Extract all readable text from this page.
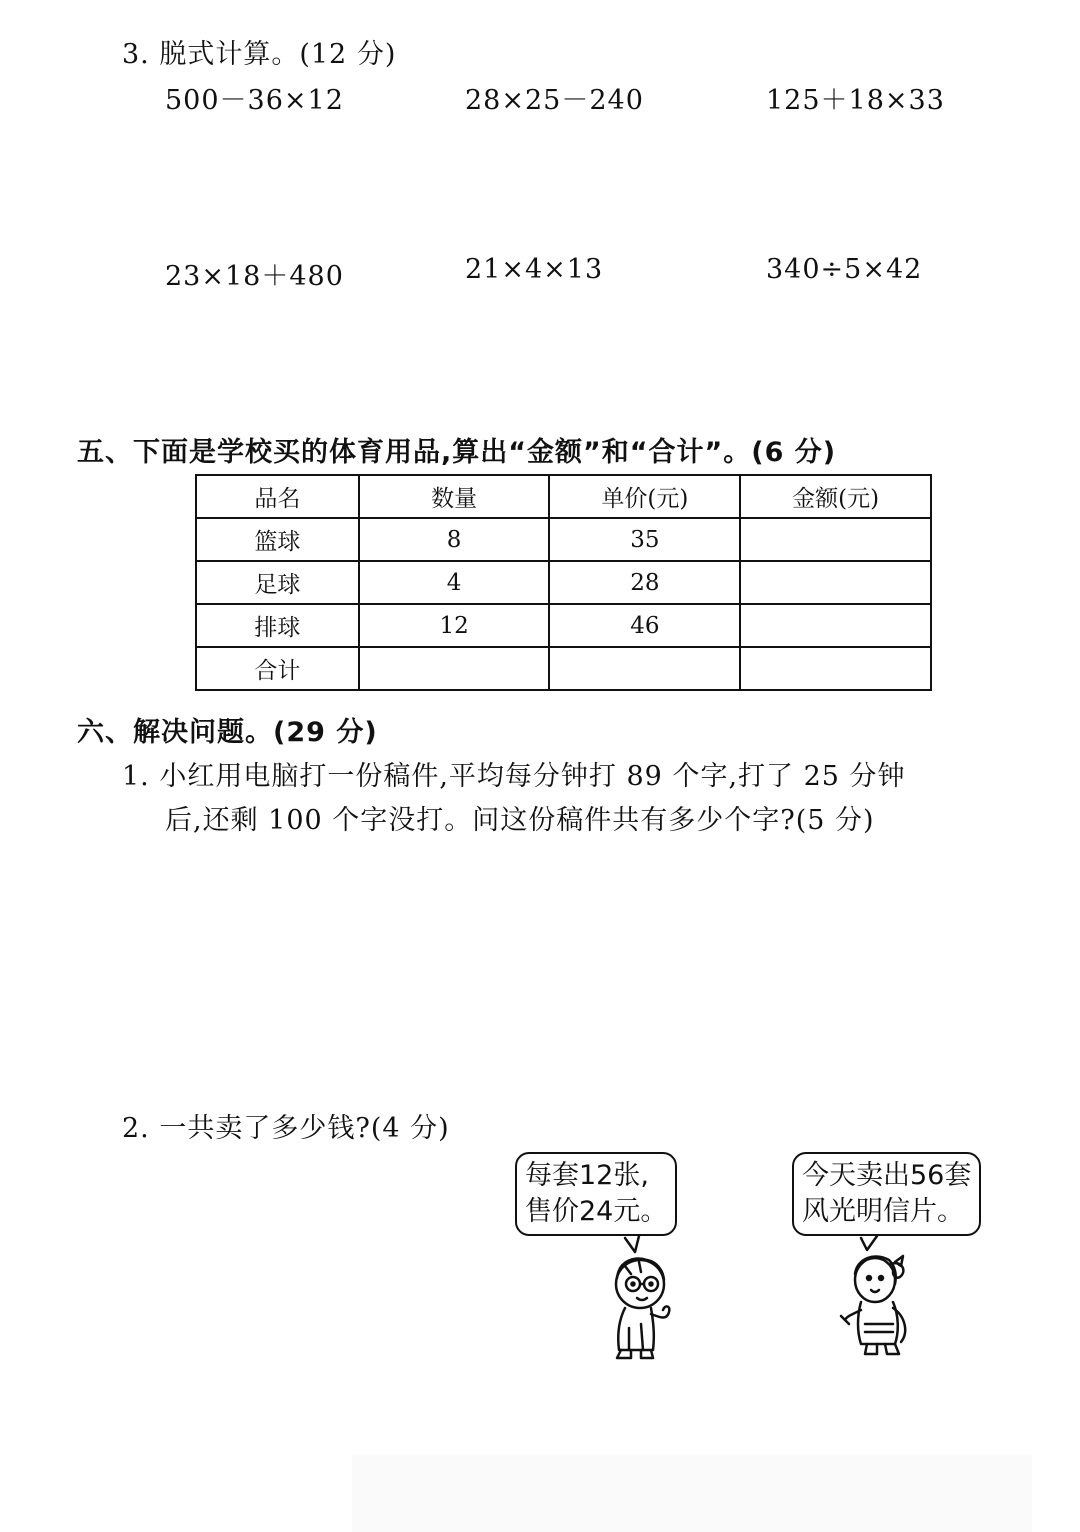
3. 脱式计算。(12 分)
500－36×12	28×25－240	125＋18×33
23×18＋480	21×4×13	340÷5×42
五、下面是学校买的体育用品,算出“金额”和“合计”。(6 分)
品名	数量	单价(元)	金额(元)
篮球	8	35	
足球	4	28	
排球	12	46	
合计			
六、解决问题。(29 分)
1. 小红用电脑打一份稿件,平均每分钟打 89 个字,打了 25 分钟
后,还剩 100 个字没打。问这份稿件共有多少个字?(5 分)
2. 一共卖了多少钱?(4 分)
每套12张,
售价24元。
今天卖出56套
风光明信片。
